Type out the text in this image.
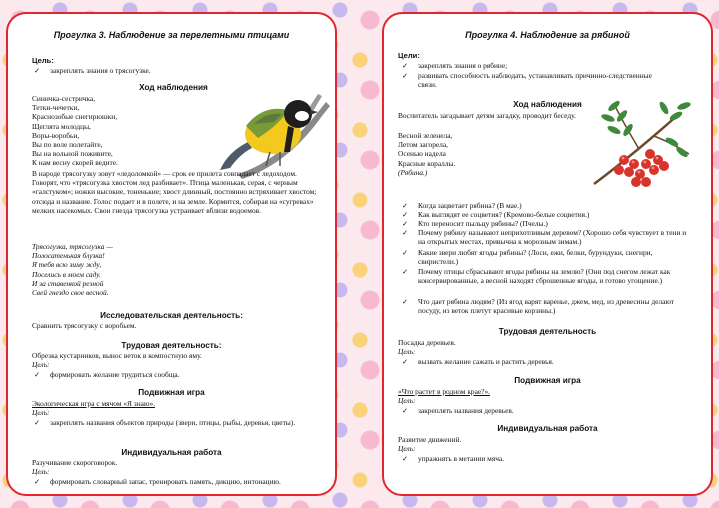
Прогулка 3. Наблюдение за перелетными птицами

Цель:

✓ закреплять знания о трясогузке.

Ход наблюдения

Синичка-сестричка,
Тетки-чечетки,
Краснозобые снегирюшки,
Щеглята молодцы,
Воры-воробьи,
Вы по воле полетайте,
Вы на вольной поживите,
К нам весну скорей ведите.

В народе трясогузку зовут «ледоломкой» — срок ее прилета совпадает с ледоходом. Говорят, что «трясогузка хвостом лед разбивает». Птица маленькая, серая, с черным «галстуком»; ножки высокие, тоненькие; хвост длинный, постоянно встряхивает хвостом; отсюда и название. Голос подает и в полете, и на земле. Кормится, собирая на «сугревах» мелких насекомых. Свои гнезда трясогузка устраивает вблизи водоемов.

Трясогузка, трясогузка —
Полосатенькая блузка!
Я тебя всю зиму жду,
Поселись в моем саду.
И за ставенкой резной
Свей гнездо свое весной.

Исследовательская деятельность:

Сравнить трясогузку с воробьем.

Трудовая деятельность:

Обрезка кустарников, вынос веток в компостную яму.

Цель:

✓ формировать желание трудиться сообща.

Подвижная игра

Экологическая игра с мячом «Я знаю».

Цель:

✓ закреплять названия объектов природы (звери, птицы, рыбы, деревья, цветы).

Индивидуальная работа

Разучивание скороговорок.

Цель:

✓ формировать словарный запас, тренировать память, дикцию, интонацию.

Прогулка 4. Наблюдение за рябиной

Цели:

✓ закреплять знания о рябине;

✓ развивать способность наблюдать, устанавливать причинно-следственные связи.

Ход наблюдения

Воспитатель загадывает детям загадку, проводит беседу.

Весной зеленела,
Летом загорела,
Осенью надела
Красные кораллы.
(Рябина.)
✓ Когда зацветает рябина? (В мае.)

✓ Как выглядят ее соцветия? (Кремово-белые соцветия.)

✓ Кто переносит пыльцу рябины? (Пчелы.)

✓ Почему рябину называют неприхотливым деревом? (Хорошо себя чувствует в тени и на открытых местах, привычна к морозным зимам.)

✓ Какие звери любят ягоды рябины? (Лоси, ежи, белки, бурундуки, снегири, свиристели.)

✓ Почему птицы сбрасывают ягоды рябины на землю? (Они под снегом лежат как консервированные, а весной находят сброшенные ягоды, и готово угощение.)

✓ Что дает рябина людям? (Из ягод варят варенье, джем, мед, из древесины делают посуду, из веток плетут красивые корзины.)

Трудовая деятельность

Посадка деревьев.

Цель:

✓ вызвать желание сажать и растить деревья.

Подвижная игра

«Что растет в родном крае?».

Цель:

✓ закреплять названия деревьев.

Индивидуальная работа

Развитие движений.

Цель:

✓ упражнять в метании мяча.
